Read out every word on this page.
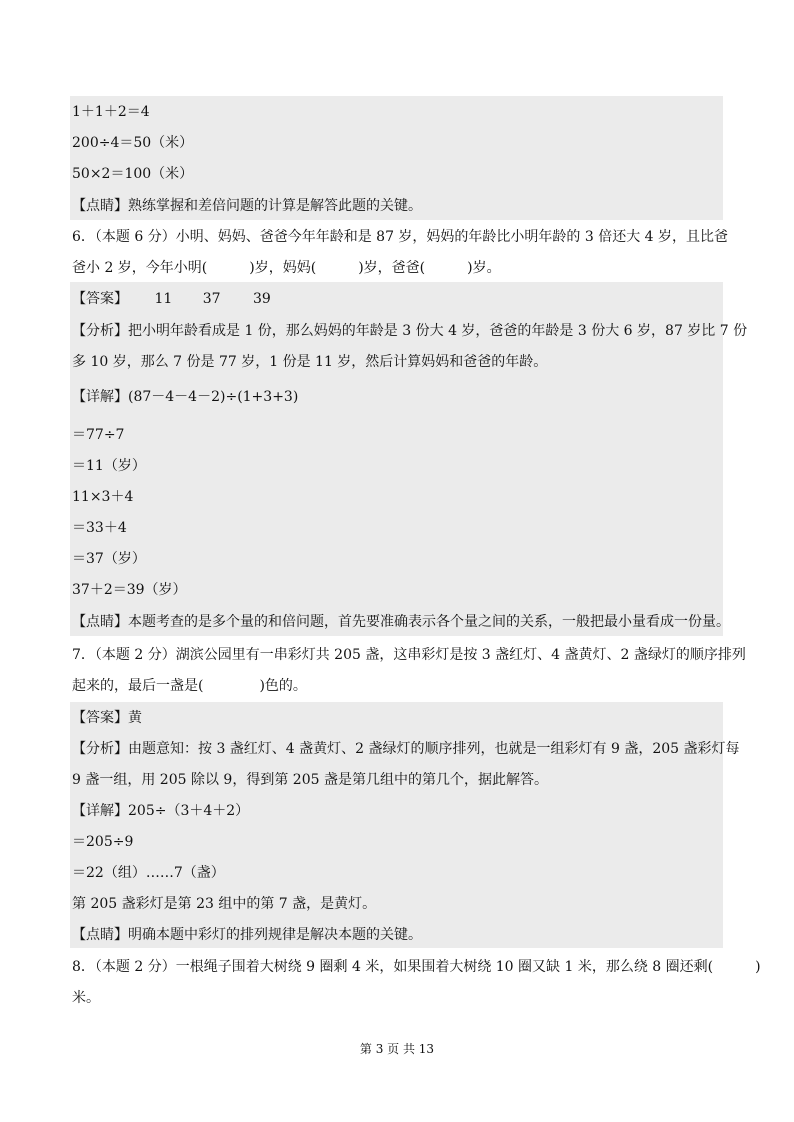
1＋1＋2＝4
200÷4＝50（米）
50×2＝100（米）
【点睛】熟练掌握和差倍问题的计算是解答此题的关键。
6．（本题 6 分）小明、妈妈、爸爸今年年龄和是 87 岁，妈妈的年龄比小明年龄的 3 倍还大 4 岁，且比爸
爸小 2 岁，今年小明(　　　)岁，妈妈(　　　)岁，爸爸(　　　)岁。
【答案】 11 37 39
【分析】把小明年龄看成是 1 份，那么妈妈的年龄是 3 份大 4 岁，爸爸的年龄是 3 份大 6 岁，87 岁比 7 份
多 10 岁，那么 7 份是 77 岁，1 份是 11 岁，然后计算妈妈和爸爸的年龄。
【详解】(87－4－4－2)÷(1+3+3)
＝77÷7
＝11（岁）
11×3＋4
＝33＋4
＝37（岁）
37＋2＝39（岁）
【点睛】本题考查的是多个量的和倍问题，首先要准确表示各个量之间的关系，一般把最小量看成一份量。
7．（本题 2 分）湖滨公园里有一串彩灯共 205 盏，这串彩灯是按 3 盏红灯、4 盏黄灯、2 盏绿灯的顺序排列
起来的，最后一盏是(　　　　)色的。
【答案】黄
【分析】由题意知：按 3 盏红灯、4 盏黄灯、2 盏绿灯的顺序排列，也就是一组彩灯有 9 盏，205 盏彩灯每
9 盏一组，用 205 除以 9，得到第 205 盏是第几组中的第几个，据此解答。
【详解】205÷（3＋4＋2）
＝205÷9
＝22（组）……7（盏）
第 205 盏彩灯是第 23 组中的第 7 盏，是黄灯。
【点睛】明确本题中彩灯的排列规律是解决本题的关键。
8．（本题 2 分）一根绳子围着大树绕 9 圈剩 4 米，如果围着大树绕 10 圈又缺 1 米，那么绕 8 圈还剩(　　　)
米。
第 3 页 共 13
